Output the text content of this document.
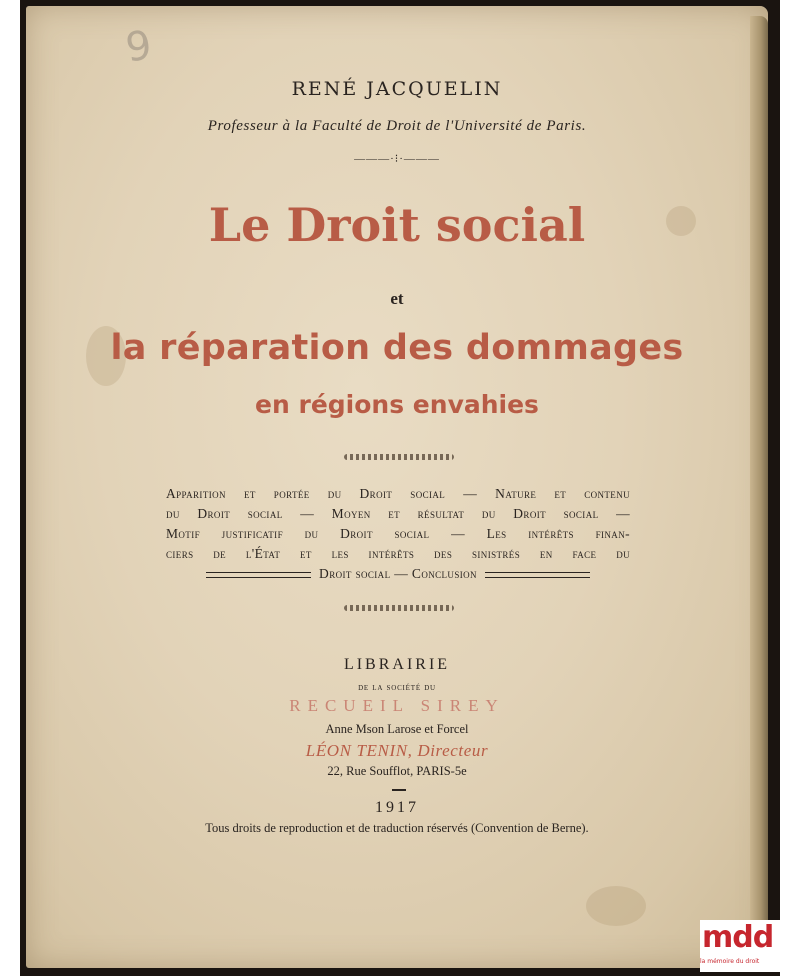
9
RENÉ JACQUELIN
Professeur à la Faculté de Droit de l'Université de Paris.
———·⁝·———
Le Droit social
et
la réparation des dommages
en régions envahies

Apparition et portée du Droit social — Nature et contenu

du Droit social — Moyen et résultat du Droit social —

Motif justificatif du Droit social — Les intérêts finan-

ciers de l'État et les intérêts des sinistrés en face du

Droit social — Conclusion

LIBRAIRIE
de la société du
RECUEIL SIREY
Anne Mson Larose et Forcel
LÉON TENIN, Directeur
22, Rue Soufflot, PARIS-5e
1917
Tous droits de reproduction et de traduction réservés (Convention de Berne).
mdd
la mémoire du droit
